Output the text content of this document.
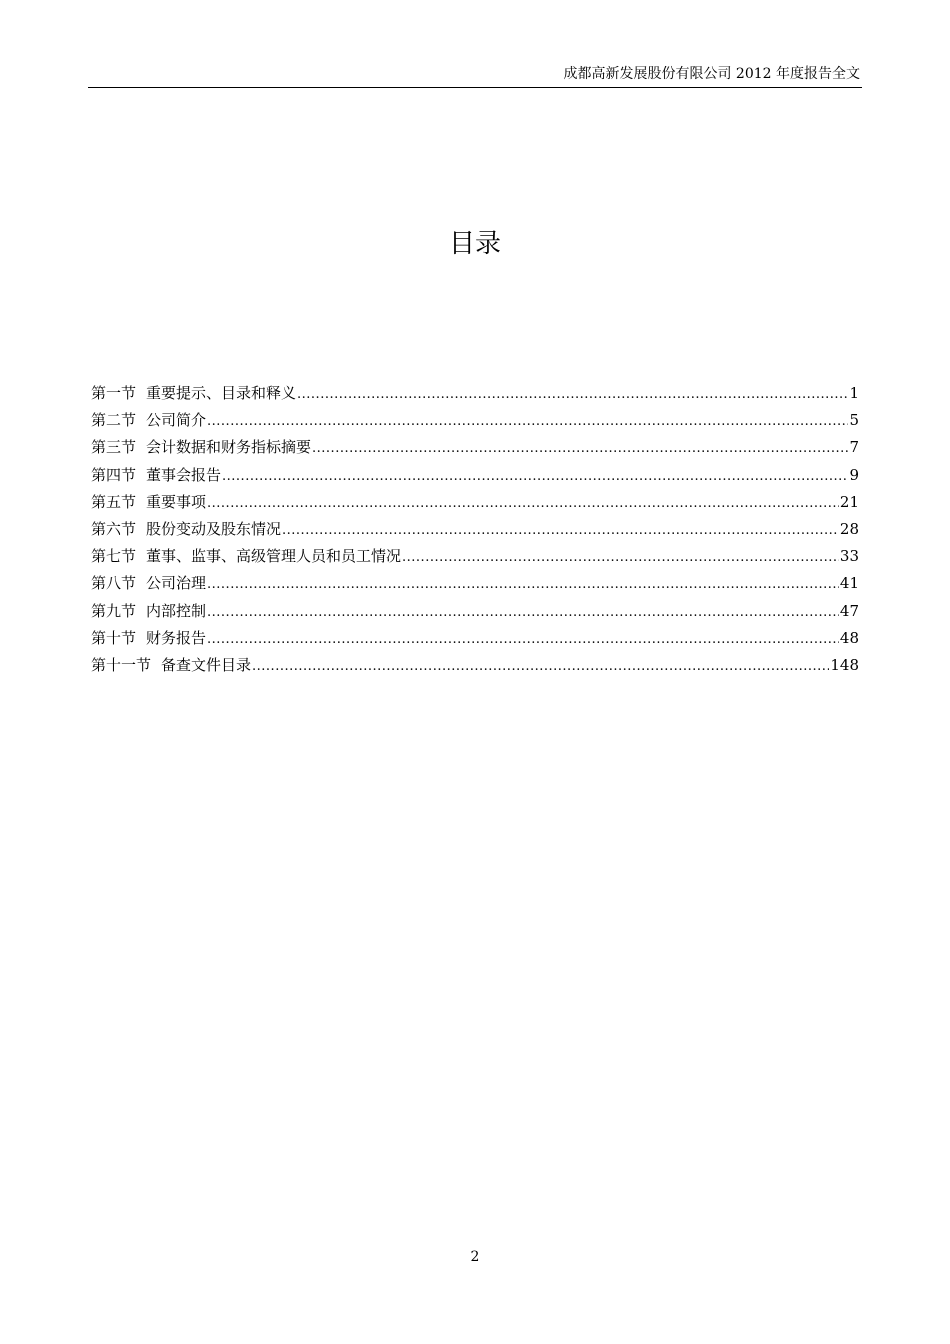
成都高新发展股份有限公司 2012 年度报告全文
目录
第一节 重要提示、目录和释义 .....	1
第二节 公司简介 .....	5
第三节 会计数据和财务指标摘要 .....	7
第四节 董事会报告 .....	9
第五节 重要事项 .....	21
第六节 股份变动及股东情况 .....	28
第七节 董事、监事、高级管理人员和员工情况 .....	33
第八节 公司治理 .....	41
第九节 内部控制 .....	47
第十节 财务报告 .....	48
第十一节 备查文件目录 .....	148
2
